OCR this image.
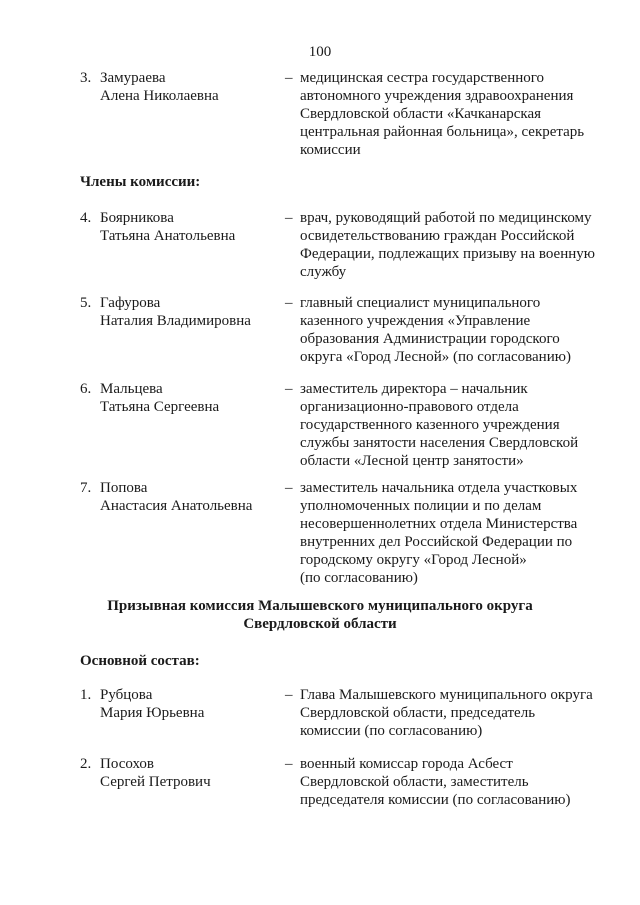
100
3. Замураева
Алена Николаевна
– медицинская сестра государственного
автономного учреждения здравоохранения
Свердловской области «Качканарская
центральная районная больница», секретарь
комиссии
Члены комиссии:
4. Боярникова
Татьяна Анатольевна
– врач, руководящий работой по медицинскому
освидетельствованию граждан Российской
Федерации, подлежащих призыву на военную
службу
5. Гафурова
Наталия Владимировна
– главный специалист муниципального
казенного учреждения «Управление
образования Администрации городского
округа «Город Лесной» (по согласованию)
6. Мальцева
Татьяна Сергеевна
– заместитель директора – начальник
организационно-правового отдела
государственного казенного учреждения
службы занятости населения Свердловской
области «Лесной центр занятости»
7. Попова
Анастасия Анатольевна
– заместитель начальника отдела участковых
уполномоченных полиции и по делам
несовершеннолетних отдела Министерства
внутренних дел Российской Федерации по
городскому округу «Город Лесной»
(по согласованию)
Призывная комиссия Малышевского муниципального округа
Свердловской области
Основной состав:
1. Рубцова
Мария Юрьевна
– Глава Малышевского муниципального округа
Свердловской области, председатель
комиссии (по согласованию)
2. Посохов
Сергей Петрович
– военный комиссар города Асбест
Свердловской области, заместитель
председателя комиссии (по согласованию)
